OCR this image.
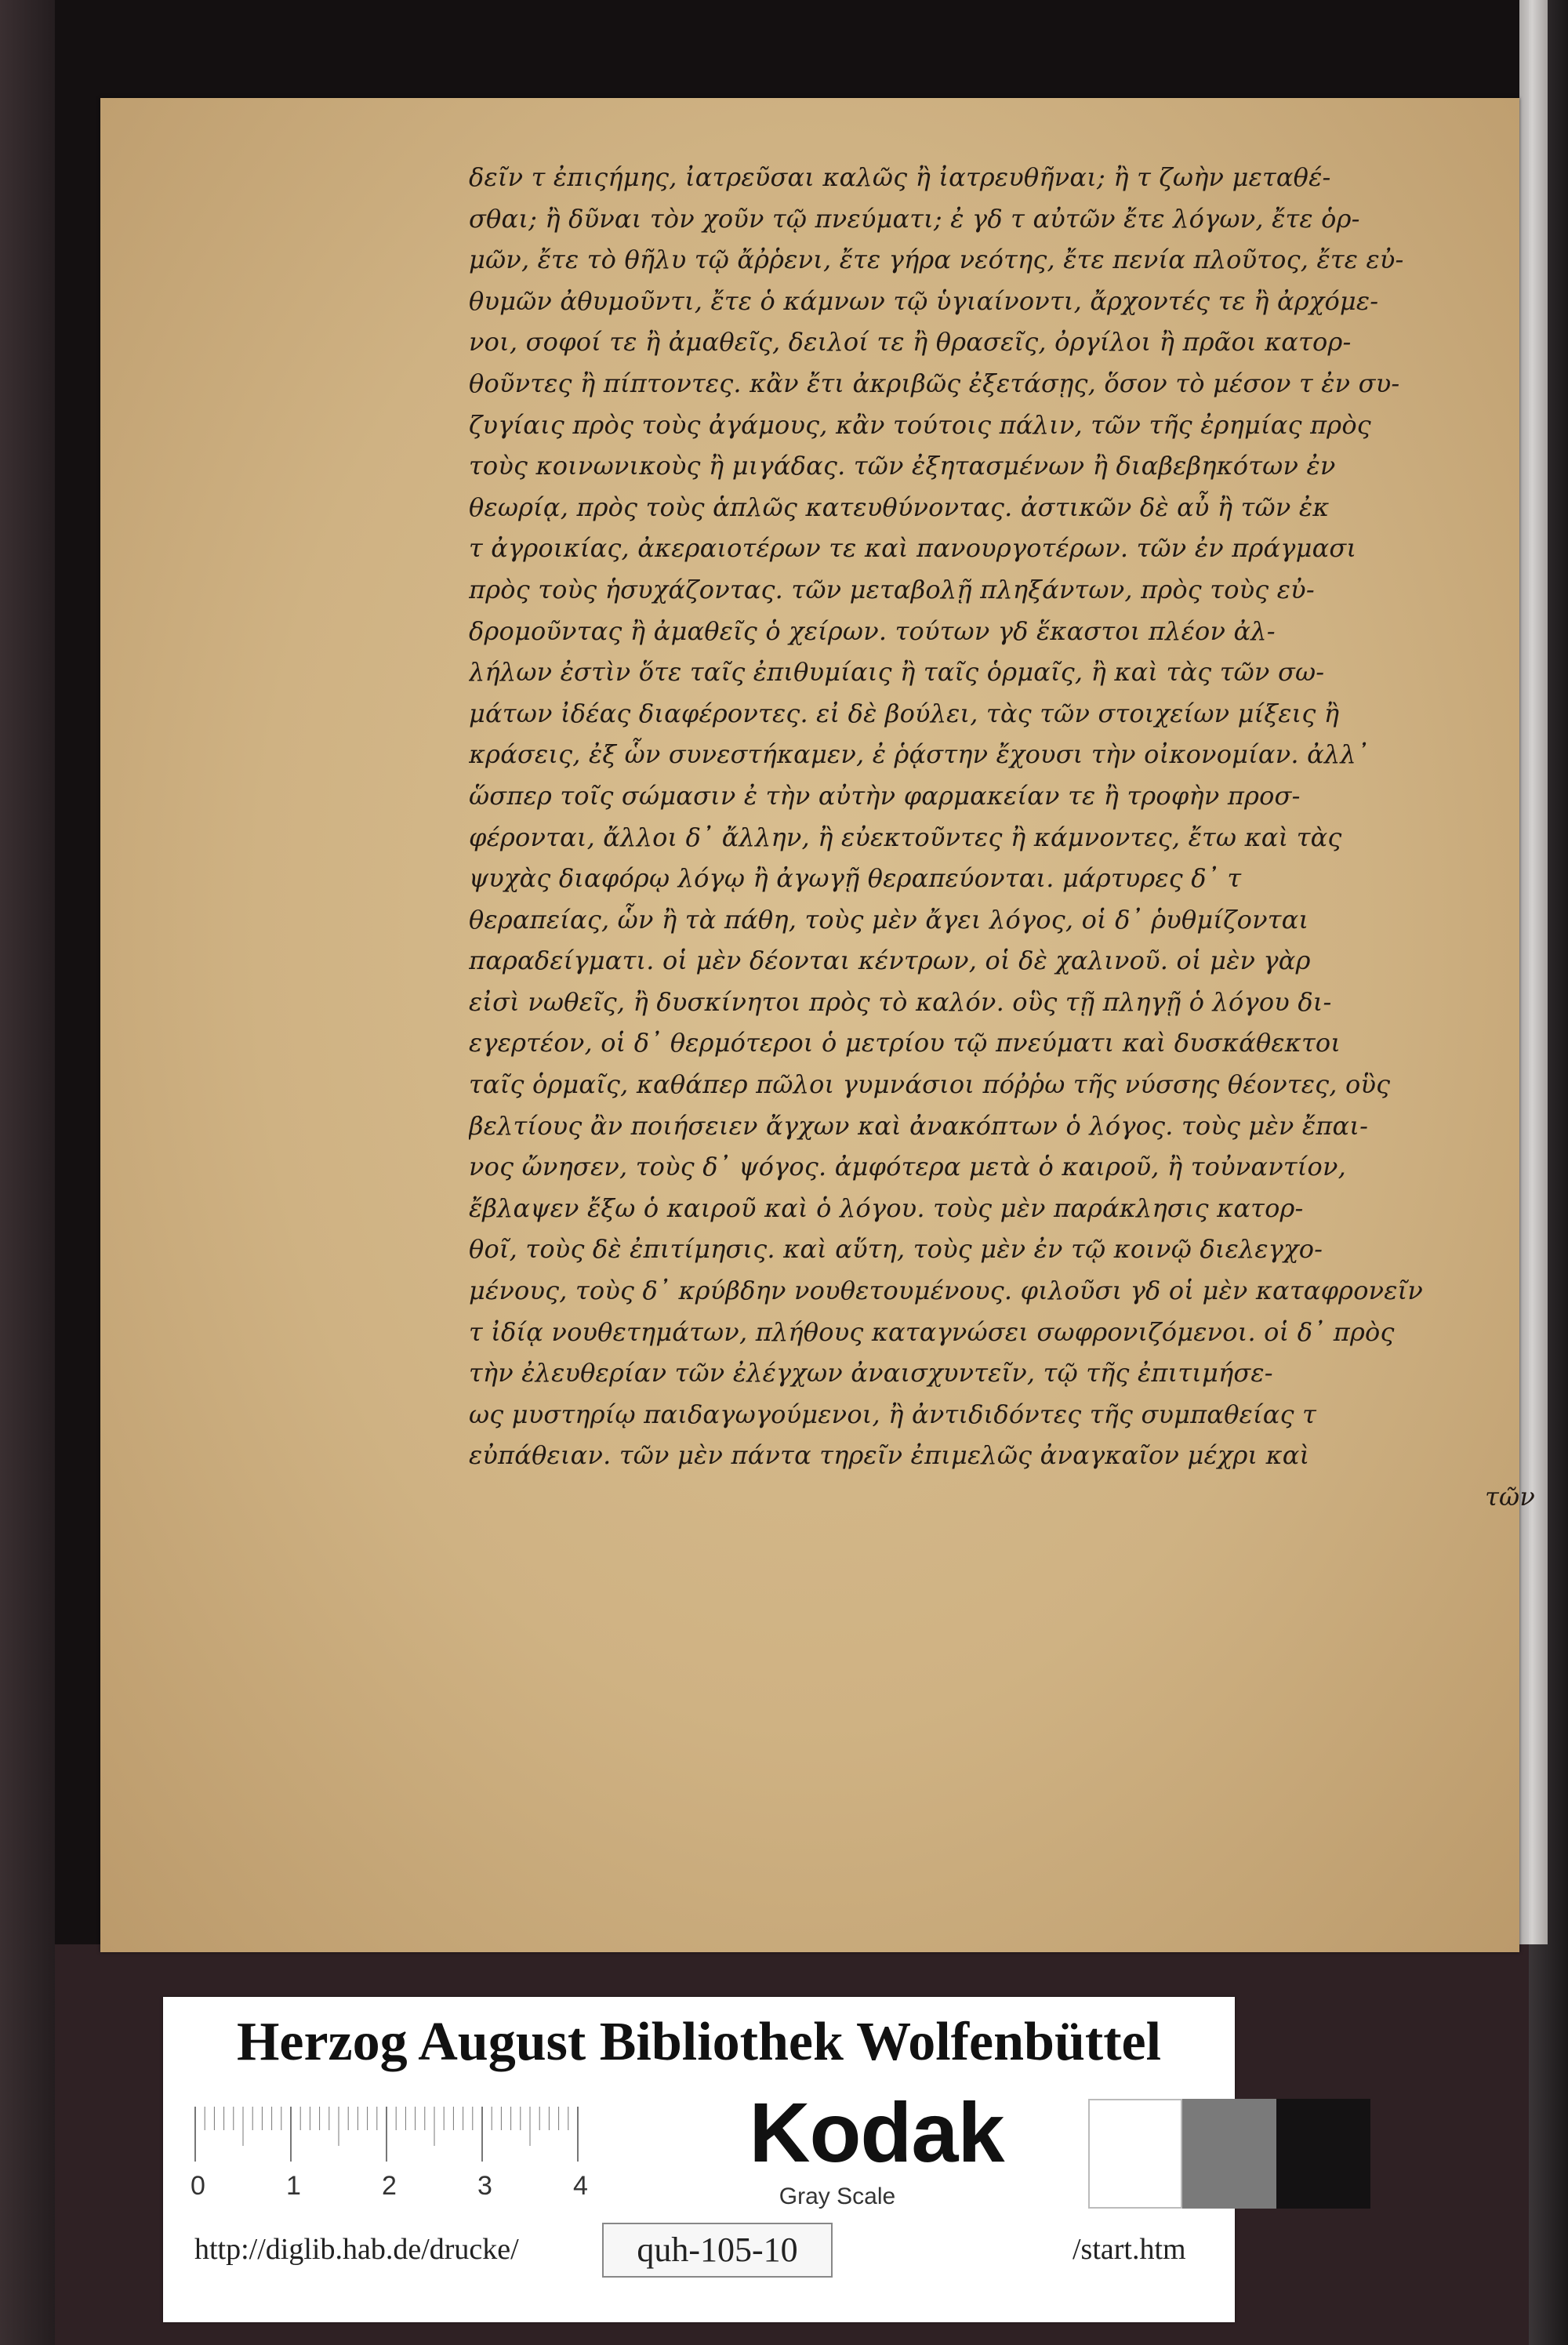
δεῖν τ ἐπιςήμης, ἰατρεῦσαι καλῶς ἢ ἰατρευθῆναι; ἢ τ ζωὴν μεταθέ-
σθαι; ἢ δῦναι τὸν χοῦν τῷ πνεύματι; ἐ γδ τ αὐτῶν ἔτε λόγων, ἔτε ὁρ-
μῶν, ἔτε τὸ θῆλυ τῷ ἄῤῥενι, ἔτε γήρα νεότης, ἔτε πενία πλοῦτος, ἔτε εὐ-
θυμῶν ἀθυμοῦντι, ἔτε ὁ κάμνων τῷ ὑγιαίνοντι, ἄρχοντές τε ἢ ἀρχόμε-
νοι, σοφοί τε ἢ ἀμαθεῖς, δειλοί τε ἢ θρασεῖς, ὀργίλοι ἢ πρᾶοι κατορ-
θοῦντες ἢ πίπτοντες. κἂν ἔτι ἀκριβῶς ἐξετάσῃς, ὅσον τὸ μέσον τ ἐν συ-
ζυγίαις πρὸς τοὺς ἀγάμους, κἂν τούτοις πάλιν, τῶν τῆς ἐρημίας πρὸς
τοὺς κοινωνικοὺς ἢ μιγάδας. τῶν ἐξητασμένων ἢ διαβεβηκότων ἐν
θεωρίᾳ, πρὸς τοὺς ἁπλῶς κατευθύνοντας. ἀστικῶν δὲ αὖ ἢ τῶν ἐκ
τ ἀγροικίας, ἀκεραιοτέρων τε καὶ πανουργοτέρων. τῶν ἐν πράγμασι
πρὸς τοὺς ἡσυχάζοντας. τῶν μεταβολῇ πληξάντων, πρὸς τοὺς εὐ-
δρομοῦντας ἢ ἀμαθεῖς ὁ χείρων. τούτων γδ ἕκαστοι πλέον ἀλ-
λήλων ἐστὶν ὅτε ταῖς ἐπιθυμίαις ἢ ταῖς ὁρμαῖς, ἢ καὶ τὰς τῶν σω-
μάτων ἰδέας διαφέροντες. εἰ δὲ βούλει, τὰς τῶν στοιχείων μίξεις ἢ
κράσεις, ἐξ ὧν συνεστήκαμεν, ἐ ῥᾴστην ἔχουσι τὴν οἰκονομίαν. ἀλλ᾽
ὥσπερ τοῖς σώμασιν ἐ τὴν αὐτὴν φαρμακείαν τε ἢ τροφὴν προσ-
φέρονται, ἄλλοι δ᾽ ἄλλην, ἢ εὐεκτοῦντες ἢ κάμνοντες, ἔτω καὶ τὰς
ψυχὰς διαφόρῳ λόγῳ ἢ ἀγωγῇ θεραπεύονται. μάρτυρες δ᾽ τ
θεραπείας, ὧν ἢ τὰ πάθη, τοὺς μὲν ἄγει λόγος, οἱ δ᾽ ῥυθμίζονται
παραδείγματι. οἱ μὲν δέονται κέντρων, οἱ δὲ χαλινοῦ. οἱ μὲν γὰρ
εἰσὶ νωθεῖς, ἢ δυσκίνητοι πρὸς τὸ καλόν. οὓς τῇ πληγῇ ὁ λόγου δι-
εγερτέον, οἱ δ᾽ θερμότεροι ὁ μετρίου τῷ πνεύματι καὶ δυσκάθεκτοι
ταῖς ὁρμαῖς, καθάπερ πῶλοι γυμνάσιοι πόῤῥω τῆς νύσσης θέοντες, οὓς
βελτίους ἂν ποιήσειεν ἄγχων καὶ ἀνακόπτων ὁ λόγος. τοὺς μὲν ἔπαι-
νος ὤνησεν, τοὺς δ᾽ ψόγος. ἀμφότερα μετὰ ὁ καιροῦ, ἢ τοὐναντίον,
ἔβλαψεν ἔξω ὁ καιροῦ καὶ ὁ λόγου. τοὺς μὲν παράκλησις κατορ-
θοῖ, τοὺς δὲ ἐπιτίμησις. καὶ αὕτη, τοὺς μὲν ἐν τῷ κοινῷ διελεγχο-
μένους, τοὺς δ᾽ κρύβδην νουθετουμένους. φιλοῦσι γδ οἱ μὲν καταφρονεῖν
τ ἰδίᾳ νουθετημάτων, πλήθους καταγνώσει σωφρονιζόμενοι. οἱ δ᾽ πρὸς
τὴν ἐλευθερίαν τῶν ἐλέγχων ἀναισχυντεῖν, τῷ τῆς ἐπιτιμήσε-
ως μυστηρίῳ παιδαγωγούμενοι, ἢ ἀντιδιδόντες τῆς συμπαθείας τ
εὐπάθειαν. τῶν μὲν πάντα τηρεῖν ἐπιμελῶς ἀναγκαῖον μέχρι καὶ
τῶν
Herzog August Bibliothek Wolfenbüttel
0	1	2	3	4
Kodak
Gray Scale
http://diglib.hab.de/drucke/	quh-105-10	/start.htm
